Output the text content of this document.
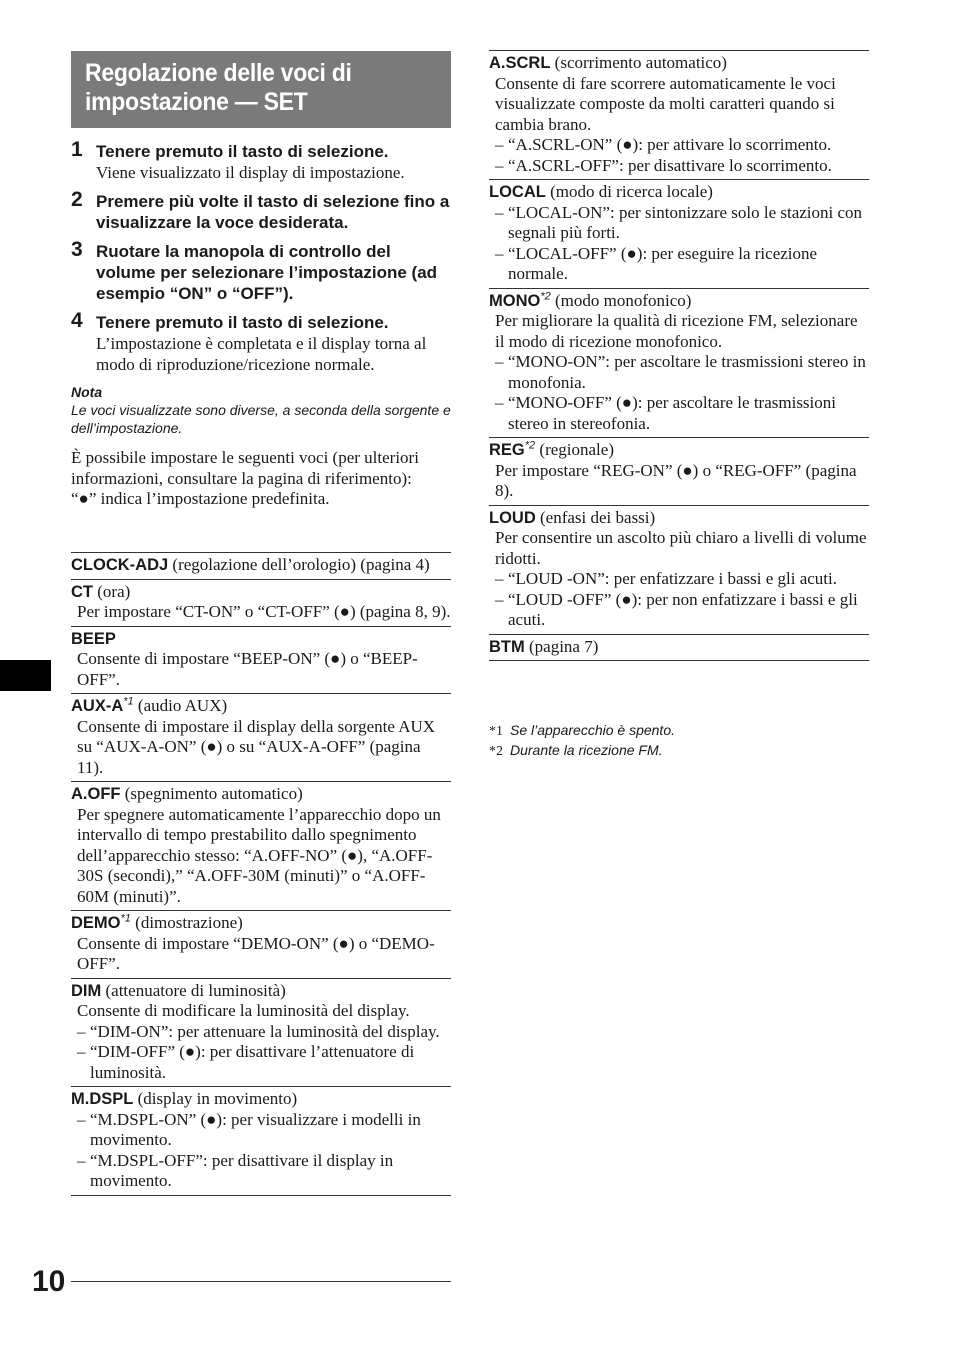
Regolazione delle voci di
impostazione — SET
1 Tenere premuto il tasto di selezione.
Viene visualizzato il display di impostazione.
2 Premere più volte il tasto di selezione fino a visualizzare la voce desiderata.
3 Ruotare la manopola di controllo del volume per selezionare l’impostazione (ad esempio “ON” o “OFF”).
4 Tenere premuto il tasto di selezione.
L’impostazione è completata e il display torna al modo di riproduzione/ricezione normale.
Nota
Le voci visualizzate sono diverse, a seconda della sorgente e dell’impostazione.
È possibile impostare le seguenti voci (per ulteriori informazioni, consultare la pagina di riferimento):
“●” indica l’impostazione predefinita.
CLOCK-ADJ (regolazione dell’orologio) (pagina 4)
CT (ora)
Per impostare “CT-ON” o “CT-OFF” (●) (pagina 8, 9).
BEEP
Consente di impostare “BEEP-ON” (●) o “BEEP-OFF”.
AUX-$A^{*1}$ (audio AUX)
Consente di impostare il display della sorgente AUX su “AUX-A-ON” (●) o su “AUX-A-OFF” (pagina 11).
A.OFF (spegnimento automatico)
Per spegnere automaticamente l’apparecchio dopo un intervallo di tempo prestabilito dallo spegnimento dell’apparecchio stesso: “A.OFF-NO” (●), “A.OFF-30S (secondi),” “A.OFF-30M (minuti)” o “A.OFF-60M (minuti)”.
DEMO$^{*1}$ (dimostrazione)
Consente di impostare “DEMO-ON” (●) o “DEMO-OFF”.
DIM (attenuatore di luminosità)
Consente di modificare la luminosità del display.
– “DIM-ON”: per attenuare la luminosità del display.
– “DIM-OFF” (●): per disattivare l’attenuatore di luminosità.
M.DSPL (display in movimento)
– “M.DSPL-ON” (●): per visualizzare i modelli in movimento.
– “M.DSPL-OFF”: per disattivare il display in movimento.
A.SCRL (scorrimento automatico)
Consente di fare scorrere automaticamente le voci visualizzate composte da molti caratteri quando si cambia brano.
– “A.SCRL-ON” (●): per attivare lo scorrimento.
– “A.SCRL-OFF”: per disattivare lo scorrimento.
LOCAL (modo di ricerca locale)
– “LOCAL-ON”: per sintonizzare solo le stazioni con segnali più forti.
– “LOCAL-OFF” (●): per eseguire la ricezione normale.
MONO$^{*2}$ (modo monofonico)
Per migliorare la qualità di ricezione FM, selezionare il modo di ricezione monofonico.
– “MONO-ON”: per ascoltare le trasmissioni stereo in monofonia.
– “MONO-OFF” (●): per ascoltare le trasmissioni stereo in stereofonia.
REG$^{*2}$ (regionale)
Per impostare “REG-ON” (●) o “REG-OFF” (pagina 8).
LOUD (enfasi dei bassi)
Per consentire un ascolto più chiaro a livelli di volume ridotti.
– “LOUD -ON”: per enfatizzare i bassi e gli acuti.
– “LOUD -OFF” (●): per non enfatizzare i bassi e gli acuti.
BTM (pagina 7)
*1 Se l’apparecchio è spento.
*2 Durante la ricezione FM.
10
